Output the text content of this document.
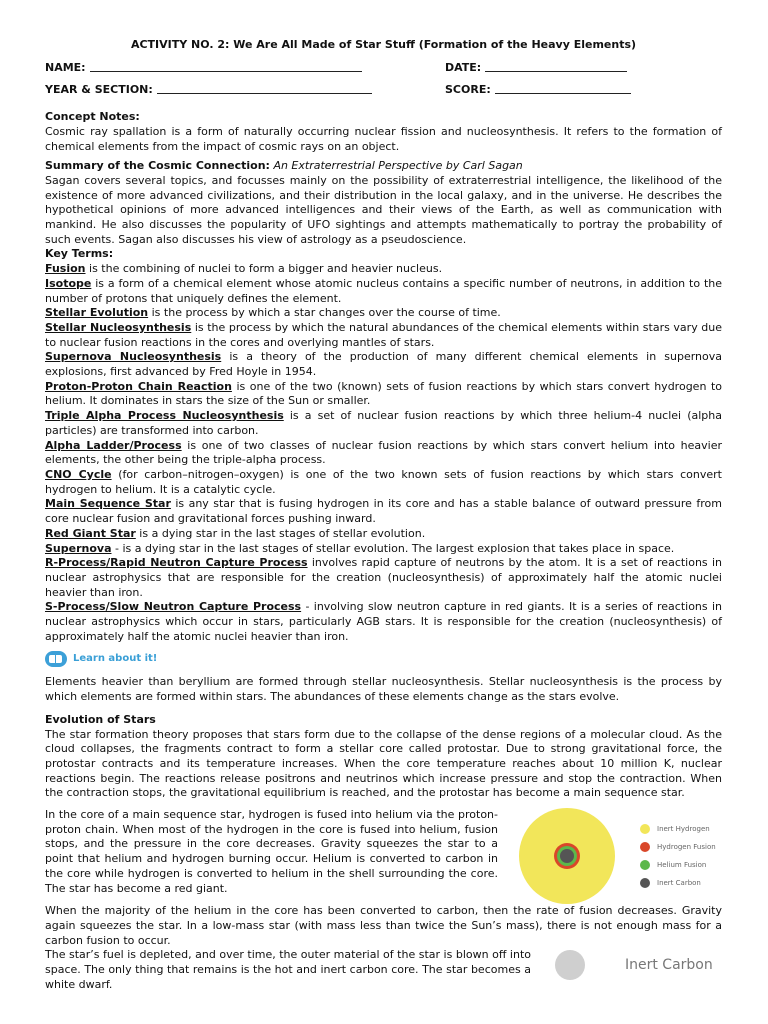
ACTIVITY NO. 2: We Are All Made of Star Stuff (Formation of the Heavy Elements)
NAME:	DATE:
YEAR & SECTION:	SCORE:
Concept Notes:

Cosmic ray spallation is a form of naturally occurring nuclear fission and nucleosynthesis. It refers to the formation of chemical elements from the impact of cosmic rays on an object.

Summary of the Cosmic Connection: An Extraterrestrial Perspective by Carl Sagan

Sagan covers several topics, and focusses mainly on the possibility of extraterrestrial intelligence, the likelihood of the existence of more advanced civilizations, and their distribution in the local galaxy, and in the universe. He describes the hypothetical opinions of more advanced intelligences and their views of the Earth, as well as communication with mankind. He also discusses the popularity of UFO sightings and attempts mathematically to portray the probability of such events. Sagan also discusses his view of astrology as a pseudoscience.

Key Terms:

Fusion is the combining of nuclei to form a bigger and heavier nucleus.

Isotope is a form of a chemical element whose atomic nucleus contains a specific number of neutrons, in addition to the number of protons that uniquely defines the element.

Stellar Evolution is the process by which a star changes over the course of time.

Stellar Nucleosynthesis is the process by which the natural abundances of the chemical elements within stars vary due to nuclear fusion reactions in the cores and overlying mantles of stars.

Supernova Nucleosynthesis is a theory of the production of many different chemical elements in supernova explosions, first advanced by Fred Hoyle in 1954.

Proton-Proton Chain Reaction is one of the two (known) sets of fusion reactions by which stars convert hydrogen to helium. It dominates in stars the size of the Sun or smaller.

Triple Alpha Process Nucleosynthesis is a set of nuclear fusion reactions by which three helium-4 nuclei (alpha particles) are transformed into carbon.

Alpha Ladder/Process is one of two classes of nuclear fusion reactions by which stars convert helium into heavier elements, the other being the triple-alpha process.

CNO Cycle (for carbon–nitrogen–oxygen) is one of the two known sets of fusion reactions by which stars convert hydrogen to helium. It is a catalytic cycle.

Main Sequence Star is any star that is fusing hydrogen in its core and has a stable balance of outward pressure from core nuclear fusion and gravitational forces pushing inward.

Red Giant Star is a dying star in the last stages of stellar evolution.

Supernova - is a dying star in the last stages of stellar evolution. The largest explosion that takes place in space.

R-Process/Rapid Neutron Capture Process involves rapid capture of neutrons by the atom. It is a set of reactions in nuclear astrophysics that are responsible for the creation (nucleosynthesis) of approximately half the atomic nuclei heavier than iron.

S-Process/Slow Neutron Capture Process - involving slow neutron capture in red giants. It is a series of reactions in nuclear astrophysics which occur in stars, particularly AGB stars. It is responsible for the creation (nucleosynthesis) of approximately half the atomic nuclei heavier than iron.

Learn about it!

Elements heavier than beryllium are formed through stellar nucleosynthesis. Stellar nucleosynthesis is the process by which elements are formed within stars. The abundances of these elements change as the stars evolve.

Evolution of Stars

The star formation theory proposes that stars form due to the collapse of the dense regions of a molecular cloud. As the cloud collapses, the fragments contract to form a stellar core called protostar. Due to strong gravitational force, the protostar contracts and its temperature increases. When the core temperature reaches about 10 million K, nuclear reactions begin. The reactions release positrons and neutrinos which increase pressure and stop the contraction. When the contraction stops, the gravitational equilibrium is reached, and the protostar has become a main sequence star.

In the core of a main sequence star, hydrogen is fused into helium via the proton-proton chain. When most of the hydrogen in the core is fused into helium, fusion stops, and the pressure in the core decreases. Gravity squeezes the star to a point that helium and hydrogen burning occur. Helium is converted to carbon in the core while hydrogen is converted to helium in the shell surrounding the core. The star has become a red giant.

When the majority of the helium in the core has been converted to carbon, then the rate of fusion decreases. Gravity again squeezes the star. In a low-mass star (with mass less than twice the Sun’s mass), there is not enough mass for a carbon fusion to occur.

The star’s fuel is depleted, and over time, the outer material of the star is blown off into space. The only thing that remains is the hot and inert carbon core. The star becomes a white dwarf.

Inert Hydrogen
Hydrogen Fusion
Helium Fusion
Inert Carbon
Inert Carbon
